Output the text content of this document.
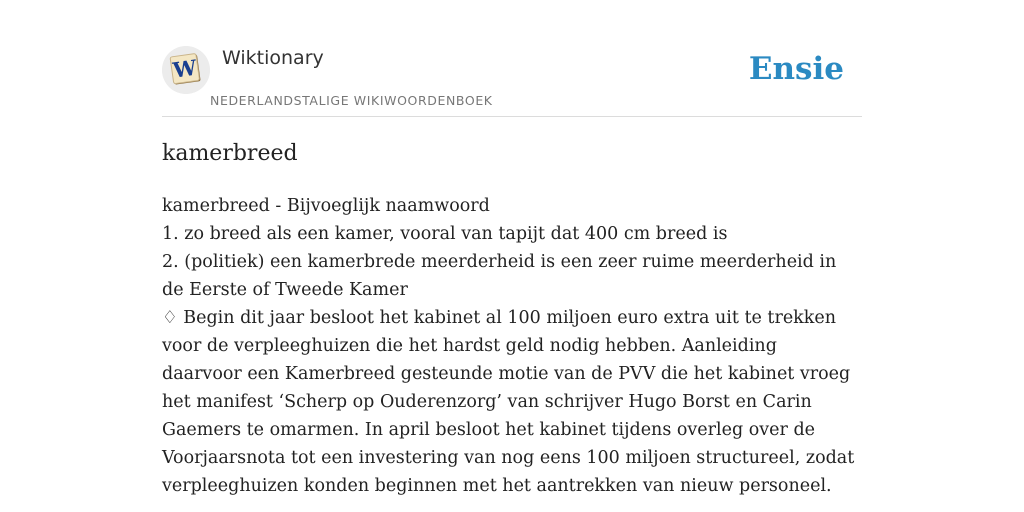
W Wiktionary
NEDERLANDSTALIGE WIKIWOORDENBOEK
Ensie
kamerbreed
kamerbreed - Bijvoeglijk naamwoord
1. zo breed als een kamer, vooral van tapijt dat 400 cm breed is
2. (politiek) een kamerbrede meerderheid is een zeer ruime meerderheid in de Eerste of Tweede Kamer
♢ Begin dit jaar besloot het kabinet al 100 miljoen euro extra uit te trekken voor de verpleeghuizen die het hardst geld nodig hebben. Aanleiding daarvoor een Kamerbreed gesteunde motie van de PVV die het kabinet vroeg het manifest ‘Scherp op Ouderenzorg’ van schrijver Hugo Borst en Carin Gaemers te omarmen. In april besloot het kabinet tijdens overleg over de Voorjaarsnota tot een investering van nog eens 100 miljoen structureel, zodat verpleeghuizen konden beginnen met het aantrekken van nieuw personeel.
